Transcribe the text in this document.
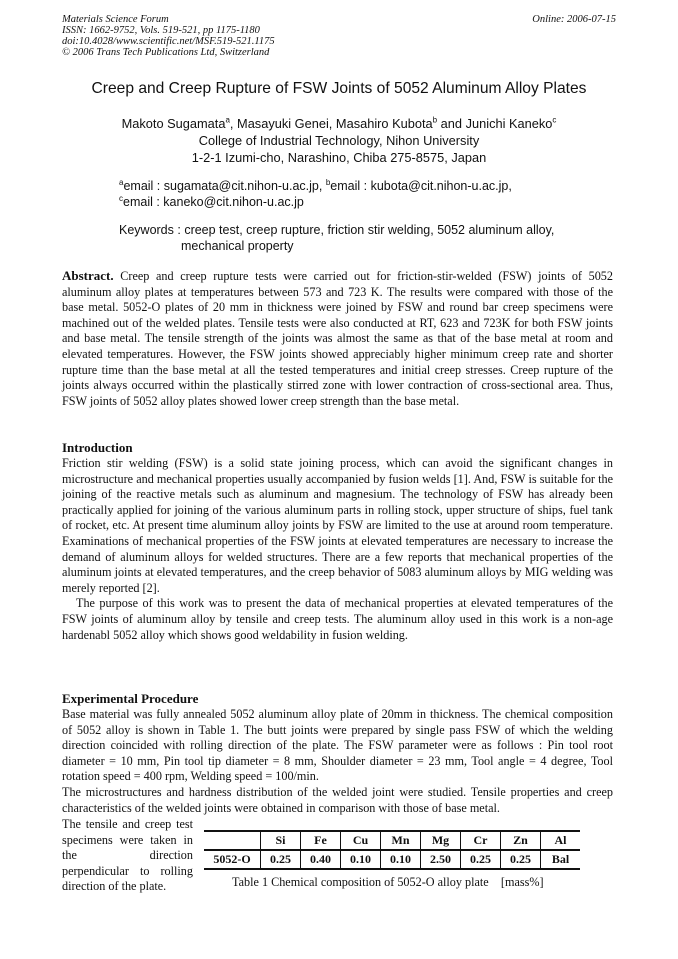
Materials Science Forum
ISSN: 1662-9752, Vols. 519-521, pp 1175-1180
doi:10.4028/www.scientific.net/MSF.519-521.1175
© 2006 Trans Tech Publications Ltd, Switzerland
Online: 2006-07-15
Creep and Creep Rupture of FSW Joints of 5052 Aluminum Alloy Plates
Makoto Sugamata$^a$, Masayuki Genei, Masahiro Kubota$^b$ and Junichi Kaneko$^c$
College of Industrial Technology, Nihon University
1-2-1 Izumi-cho, Narashino, Chiba 275-8575, Japan
$^a$email : sugamata@cit.nihon-u.ac.jp, $^b$email : kubota@cit.nihon-u.ac.jp,
$^c$email : kaneko@cit.nihon-u.ac.jp
Keywords : creep test, creep rupture, friction stir welding, 5052 aluminum alloy,
mechanical property
Abstract. Creep and creep rupture tests were carried out for friction-stir-welded (FSW) joints of 5052 aluminum alloy plates at temperatures between 573 and 723 K. The results were compared with those of the base metal. 5052-O plates of 20 mm in thickness were joined by FSW and round bar creep specimens were machined out of the welded plates. Tensile tests were also conducted at RT, 623 and 723K for both FSW joints and base metal. The tensile strength of the joints was almost the same as that of the base metal at room and elevated temperatures. However, the FSW joints showed appreciably higher minimum creep rate and shorter rupture time than the base metal at all the tested temperatures and initial creep stresses. Creep rupture of the joints always occurred within the plastically stirred zone with lower contraction of cross-sectional area. Thus, FSW joints of 5052 alloy plates showed lower creep strength than the base metal.
Introduction
Friction stir welding (FSW) is a solid state joining process, which can avoid the significant changes in microstructure and mechanical properties usually accompanied by fusion welds [1]. And, FSW is suitable for the joining of the reactive metals such as aluminum and magnesium. The technology of FSW has already been practically applied for joining of the various aluminum parts in rolling stock, upper structure of ships, fuel tank of rocket, etc. At present time aluminum alloy joints by FSW are limited to the use at around room temperature. Examinations of mechanical properties of the FSW joints at elevated temperatures are necessary to increase the demand of aluminum alloys for welded structures. There are a few reports that mechanical properties of the aluminum joints at elevated temperatures, and the creep behavior of 5083 aluminum alloys by MIG welding was merely reported [2].
The purpose of this work was to present the data of mechanical properties at elevated temperatures of the FSW joints of aluminum alloy by tensile and creep tests. The aluminum alloy used in this work is a non-age hardenabl 5052 alloy which shows good weldability in fusion welding.
Experimental Procedure
Base material was fully annealed 5052 aluminum alloy plate of 20mm in thickness. The chemical composition of 5052 alloy is shown in Table 1. The butt joints were prepared by single pass FSW of which the welding direction coincided with rolling direction of the plate. The FSW parameter were as follows : Pin tool root diameter = 10 mm, Pin tool tip diameter = 8 mm, Shoulder diameter = 23 mm, Tool angle = 4 degree, Tool rotation speed = 400 rpm, Welding speed = 100/min.
The microstructures and hardness distribution of the welded joint were studied. Tensile properties and creep characteristics of the welded joints were obtained in comparison with those of base metal.
The tensile and creep test specimens were taken in the direction perpendicular to rolling direction of the plate.
	Si	Fe	Cu	Mn	Mg	Cr	Zn	Al
5052-O	0.25	0.40	0.10	0.10	2.50	0.25	0.25	Bal
Table 1 Chemical composition of 5052-O alloy plate    [mass%]
